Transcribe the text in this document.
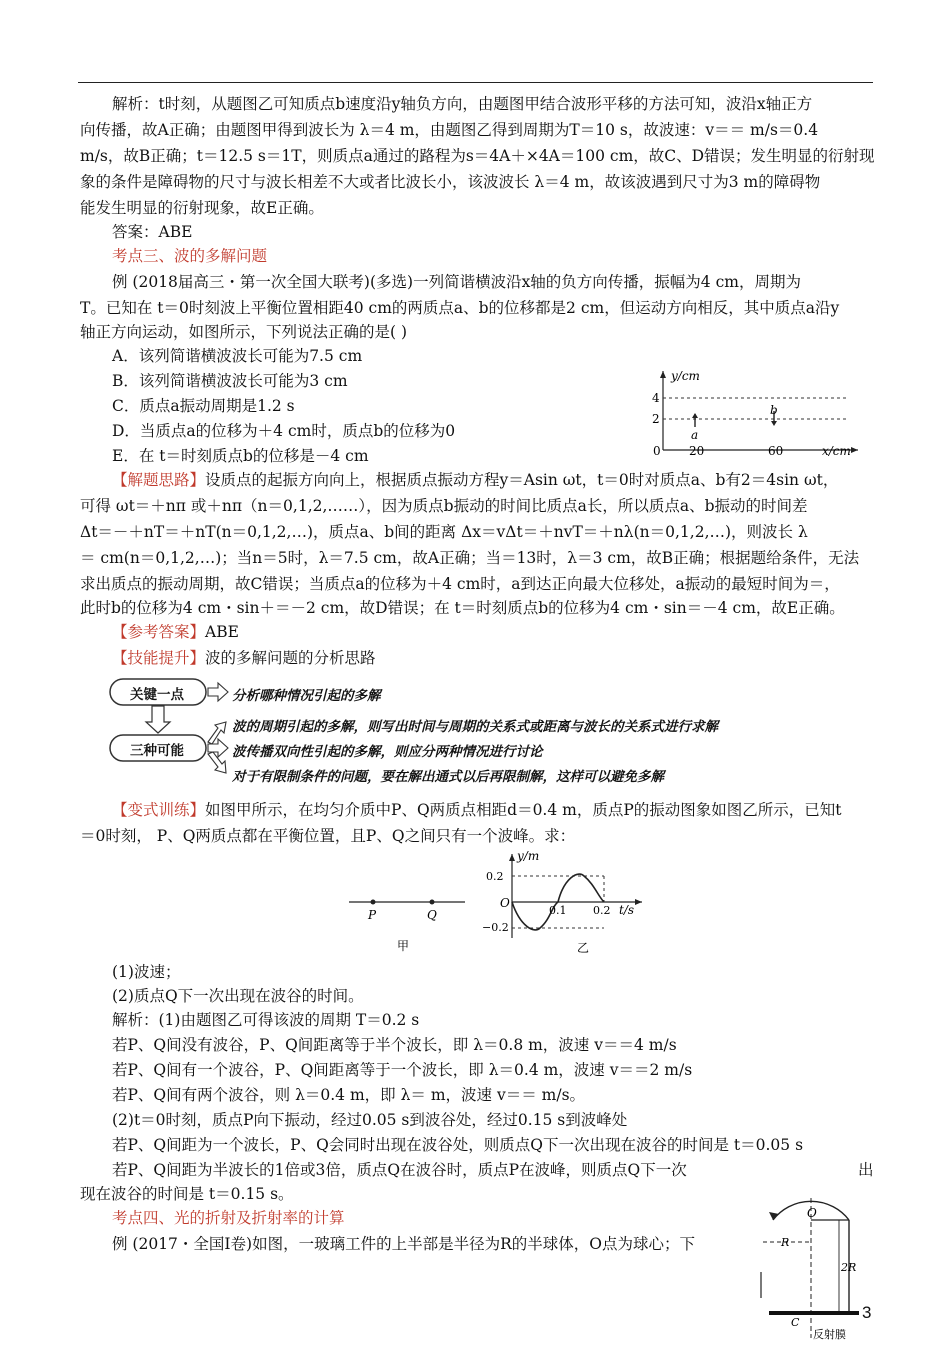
解析：t时刻，从题图乙可知质点b速度沿y轴负方向，由题图甲结合波形平移的方法可知，波沿x轴正方
向传播，故A正确；由题图甲得到波长为 λ＝4 m，由题图乙得到周期为T＝10 s，故波速：v＝＝ m/s＝0.4
m/s，故B正确；t＝12.5 s＝1T，则质点a通过的路程为s＝4A＋×4A＝100 cm，故C、D错误；发生明显的衍射现
象的条件是障碍物的尺寸与波长相差不大或者比波长小，该波波长 λ＝4 m，故该波遇到尺寸为3 m的障碍物
能发生明显的衍射现象，故E正确。
答案：ABE
考点三、波的多解问题
例 (2018届高三・第一次全国大联考)(多选)一列简谐横波沿x轴的负方向传播，振幅为4 cm，周期为
T。已知在 t＝0时刻波上平衡位置相距40 cm的两质点a、b的位移都是2 cm，但运动方向相反，其中质点a沿y
轴正方向运动，如图所示，下列说法正确的是( )
A．该列简谐横波波长可能为7.5 cm
B．该列简谐横波波长可能为3 cm
C．质点a振动周期是1.2 s
D．当质点a的位移为＋4 cm时，质点b的位移为0
E．在 t＝时刻质点b的位移是－4 cm
y/cm
4
2
0 20	60	x/cm
a
b
【解题思路】设质点的起振方向向上，根据质点振动方程y＝Asin ωt，t＝0时对质点a、b有2＝4sin ωt，
可得 ωt＝＋nπ 或＋nπ（n＝0,1,2,……），因为质点b振动的时间比质点a长，所以质点a、b振动的时间差
Δt＝－＋nT＝＋nT(n＝0,1,2,…)，质点a、b间的距离 Δx＝vΔt＝＋nvT＝＋nλ(n＝0,1,2,…)，则波长 λ
＝ cm(n＝0,1,2,…)；当n＝5时，λ＝7.5 cm，故A正确；当＝13时，λ＝3 cm，故B正确；根据题给条件，无法
求出质点的振动周期，故C错误；当质点a的位移为＋4 cm时，a到达正向最大位移处，a振动的最短时间为＝，
此时b的位移为4 cm・sin＋＝－2 cm，故D错误；在 t＝时刻质点b的位移为4 cm・sin＝－4 cm，故E正确。
【参考答案】ABE
【技能提升】波的多解问题的分析思路
关键一点
三种可能
分析哪种情况引起的多解
波的周期引起的多解，则写出时间与周期的关系式或距离与波长的关系式进行求解
波传播双向性引起的多解，则应分两种情况进行讨论
对于有限制条件的问题，要在解出通式以后再限制解，这样可以避免多解
【变式训练】如图甲所示，在均匀介质中P、Q两质点相距d＝0.4 m，质点P的振动图象如图乙所示，已知t
＝0时刻， P、Q两质点都在平衡位置，且P、Q之间只有一个波峰。求：
P	Q
甲
y/m
0.2
−0.2
O
0.1 0.2 t/s
乙
(1)波速；
(2)质点Q下一次出现在波谷的时间。
解析：(1)由题图乙可得该波的周期 T＝0.2 s
若P、Q间没有波谷，P、Q间距离等于半个波长，即 λ＝0.8 m，波速 v＝＝4 m/s
若P、Q间有一个波谷，P、Q间距离等于一个波长，即 λ＝0.4 m，波速 v＝＝2 m/s
若P、Q间有两个波谷，则 λ＝0.4 m，即 λ＝ m，波速 v＝＝ m/s。
(2)t＝0时刻，质点P向下振动，经过0.05 s到波谷处，经过0.15 s到波峰处
若P、Q间距为一个波长，P、Q会同时出现在波谷处，则质点Q下一次出现在波谷的时间是 t＝0.05 s
若P、Q间距为半波长的1倍或3倍，质点Q在波谷时，质点P在波峰，则质点Q下一次	出
现在波谷的时间是 t＝0.15 s。
考点四、光的折射及折射率的计算
例 (2017・全国Ⅰ卷)如图，一玻璃工件的上半部是半径为R的半球体，O点为球心；下
O
R
2R
C
反射膜
3
